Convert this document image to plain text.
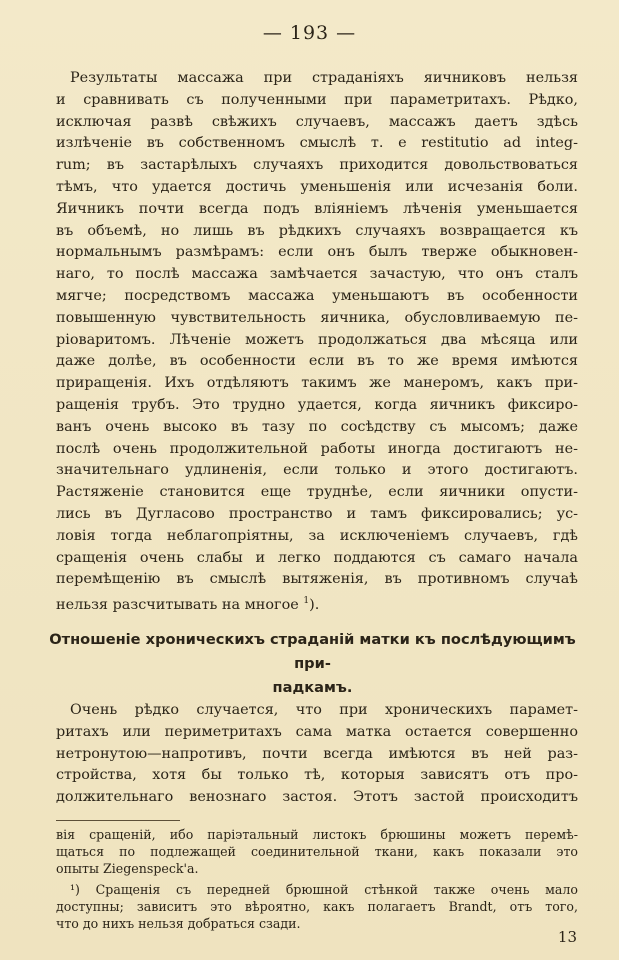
— 193 —
Результаты массажа при страданіяхъ яичниковъ нельзя
и сравнивать съ полученными при параметритахъ. Рѣдко,
исключая развѣ свѣжихъ случаевъ, массажъ даетъ здѣсь
излѣченіе въ собственномъ смыслѣ т. е restitutio ad integ-
rum; въ застарѣлыхъ случаяхъ приходится довольствоваться
тѣмъ, что удается достичь уменьшенія или исчезанія боли.
Яичникъ почти всегда подъ вліяніемъ лѣченія уменьшается
въ объемѣ, но лишь въ рѣдкихъ случаяхъ возвращается къ
нормальнымъ размѣрамъ: если онъ былъ тверже обыкновен-
наго, то послѣ массажа замѣчается зачастую, что онъ сталъ
мягче; посредствомъ массажа уменьшаютъ въ особенности
повышенную чувствительность яичника, обусловливаемую пе-
ріоваритомъ. Лѣченіе можетъ продолжаться два мѣсяца или
даже долѣе, въ особенности если въ то же время имѣются
приращенія. Ихъ отдѣляютъ такимъ же манеромъ, какъ при-
ращенія трубъ. Это трудно удается, когда яичникъ фиксиро-
ванъ очень высоко въ тазу по сосѣдству съ мысомъ; даже
послѣ очень продолжительной работы иногда достигаютъ не-
значительнаго удлиненія, если только и этого достигаютъ.
Растяженіе становится еще труднѣе, если яичники опусти-
лись въ Дугласово пространство и тамъ фиксировались; ус-
ловія тогда неблагопріятны, за исключеніемъ случаевъ, гдѣ
сращенія очень слабы и легко поддаются съ самаго начала
перемѣщенію въ смыслѣ вытяженія, въ противномъ случаѣ
нельзя разсчитывать на многое $^1$).
Отношеніе хроническихъ страданій матки къ послѣдующимъ при-
падкамъ.
Очень рѣдко случается, что при хроническихъ парамет-
ритахъ или периметритахъ сама матка остается совершенно
нетронутою—напротивъ, почти всегда имѣются въ ней раз-
стройства, хотя бы только тѣ, которыя зависятъ отъ про-
должительнаго венознаго застоя. Этотъ застой происходитъ
вія сращеній, ибо паріэтальный листокъ брюшины можетъ перемѣ-
щаться по подлежащей соединительной ткани, какъ показали это
опыты Ziegenspeck'a.
¹) Сращенія съ передней брюшной стѣнкой также очень мало
доступны; зависитъ это вѣроятно, какъ полагаетъ Brandt, отъ того,
что до нихъ нельзя добраться сзади.
13
